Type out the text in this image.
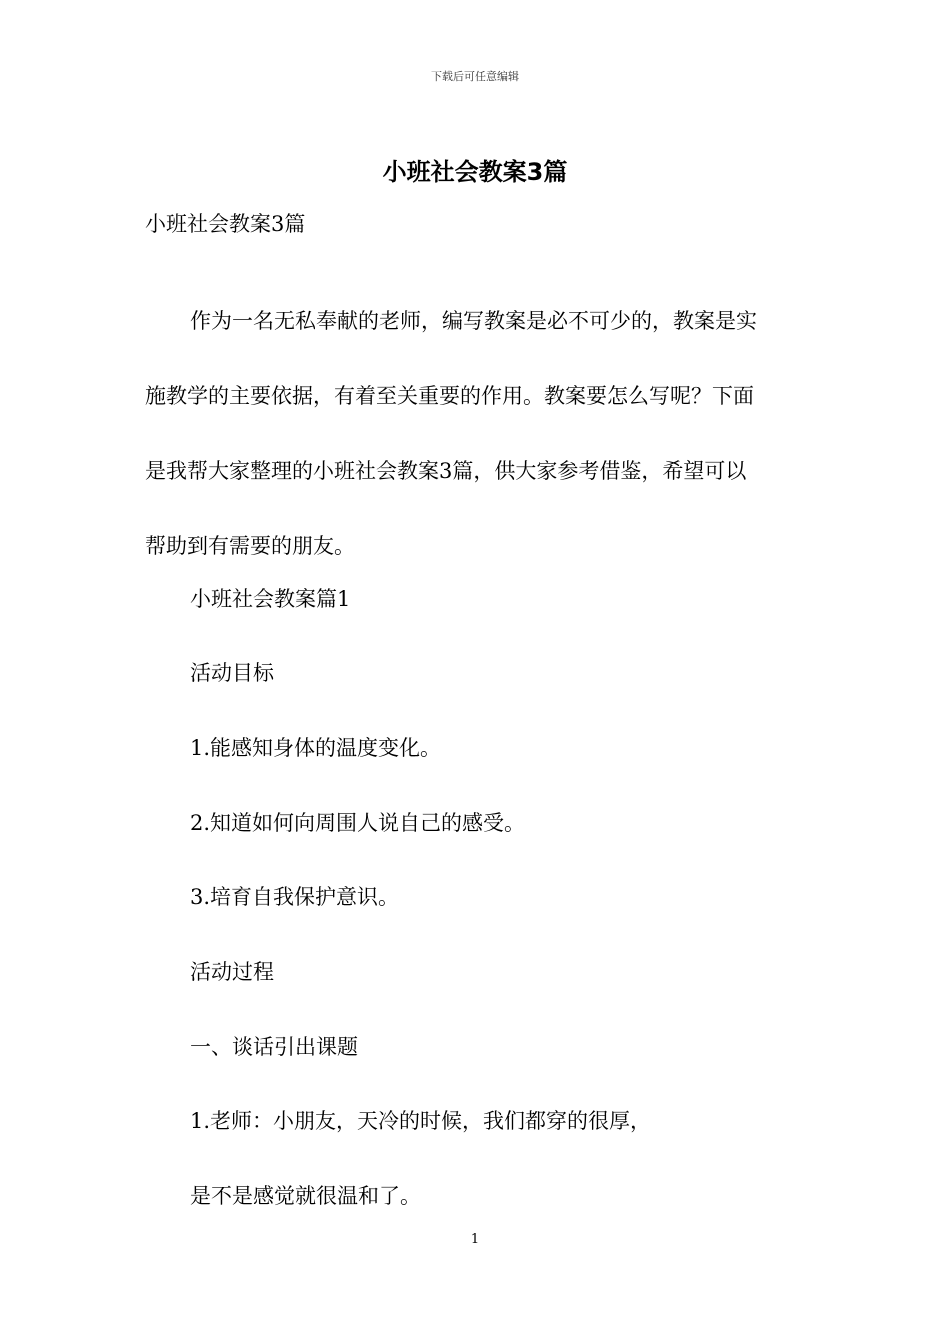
下载后可任意编辑
小班社会教案3篇
小班社会教案3篇
作为一名无私奉献的老师，编写教案是必不可少的，教案是实
施教学的主要依据，有着至关重要的作用。教案要怎么写呢？下面
是我帮大家整理的小班社会教案3篇，供大家参考借鉴，希望可以
帮助到有需要的朋友。
小班社会教案篇1
活动目标
1.能感知身体的温度变化。
2.知道如何向周围人说自己的感受。
3.培育自我保护意识。
活动过程
一、谈话引出课题
1.老师：小朋友，天冷的时候，我们都穿的很厚，
是不是感觉就很温和了。
1
